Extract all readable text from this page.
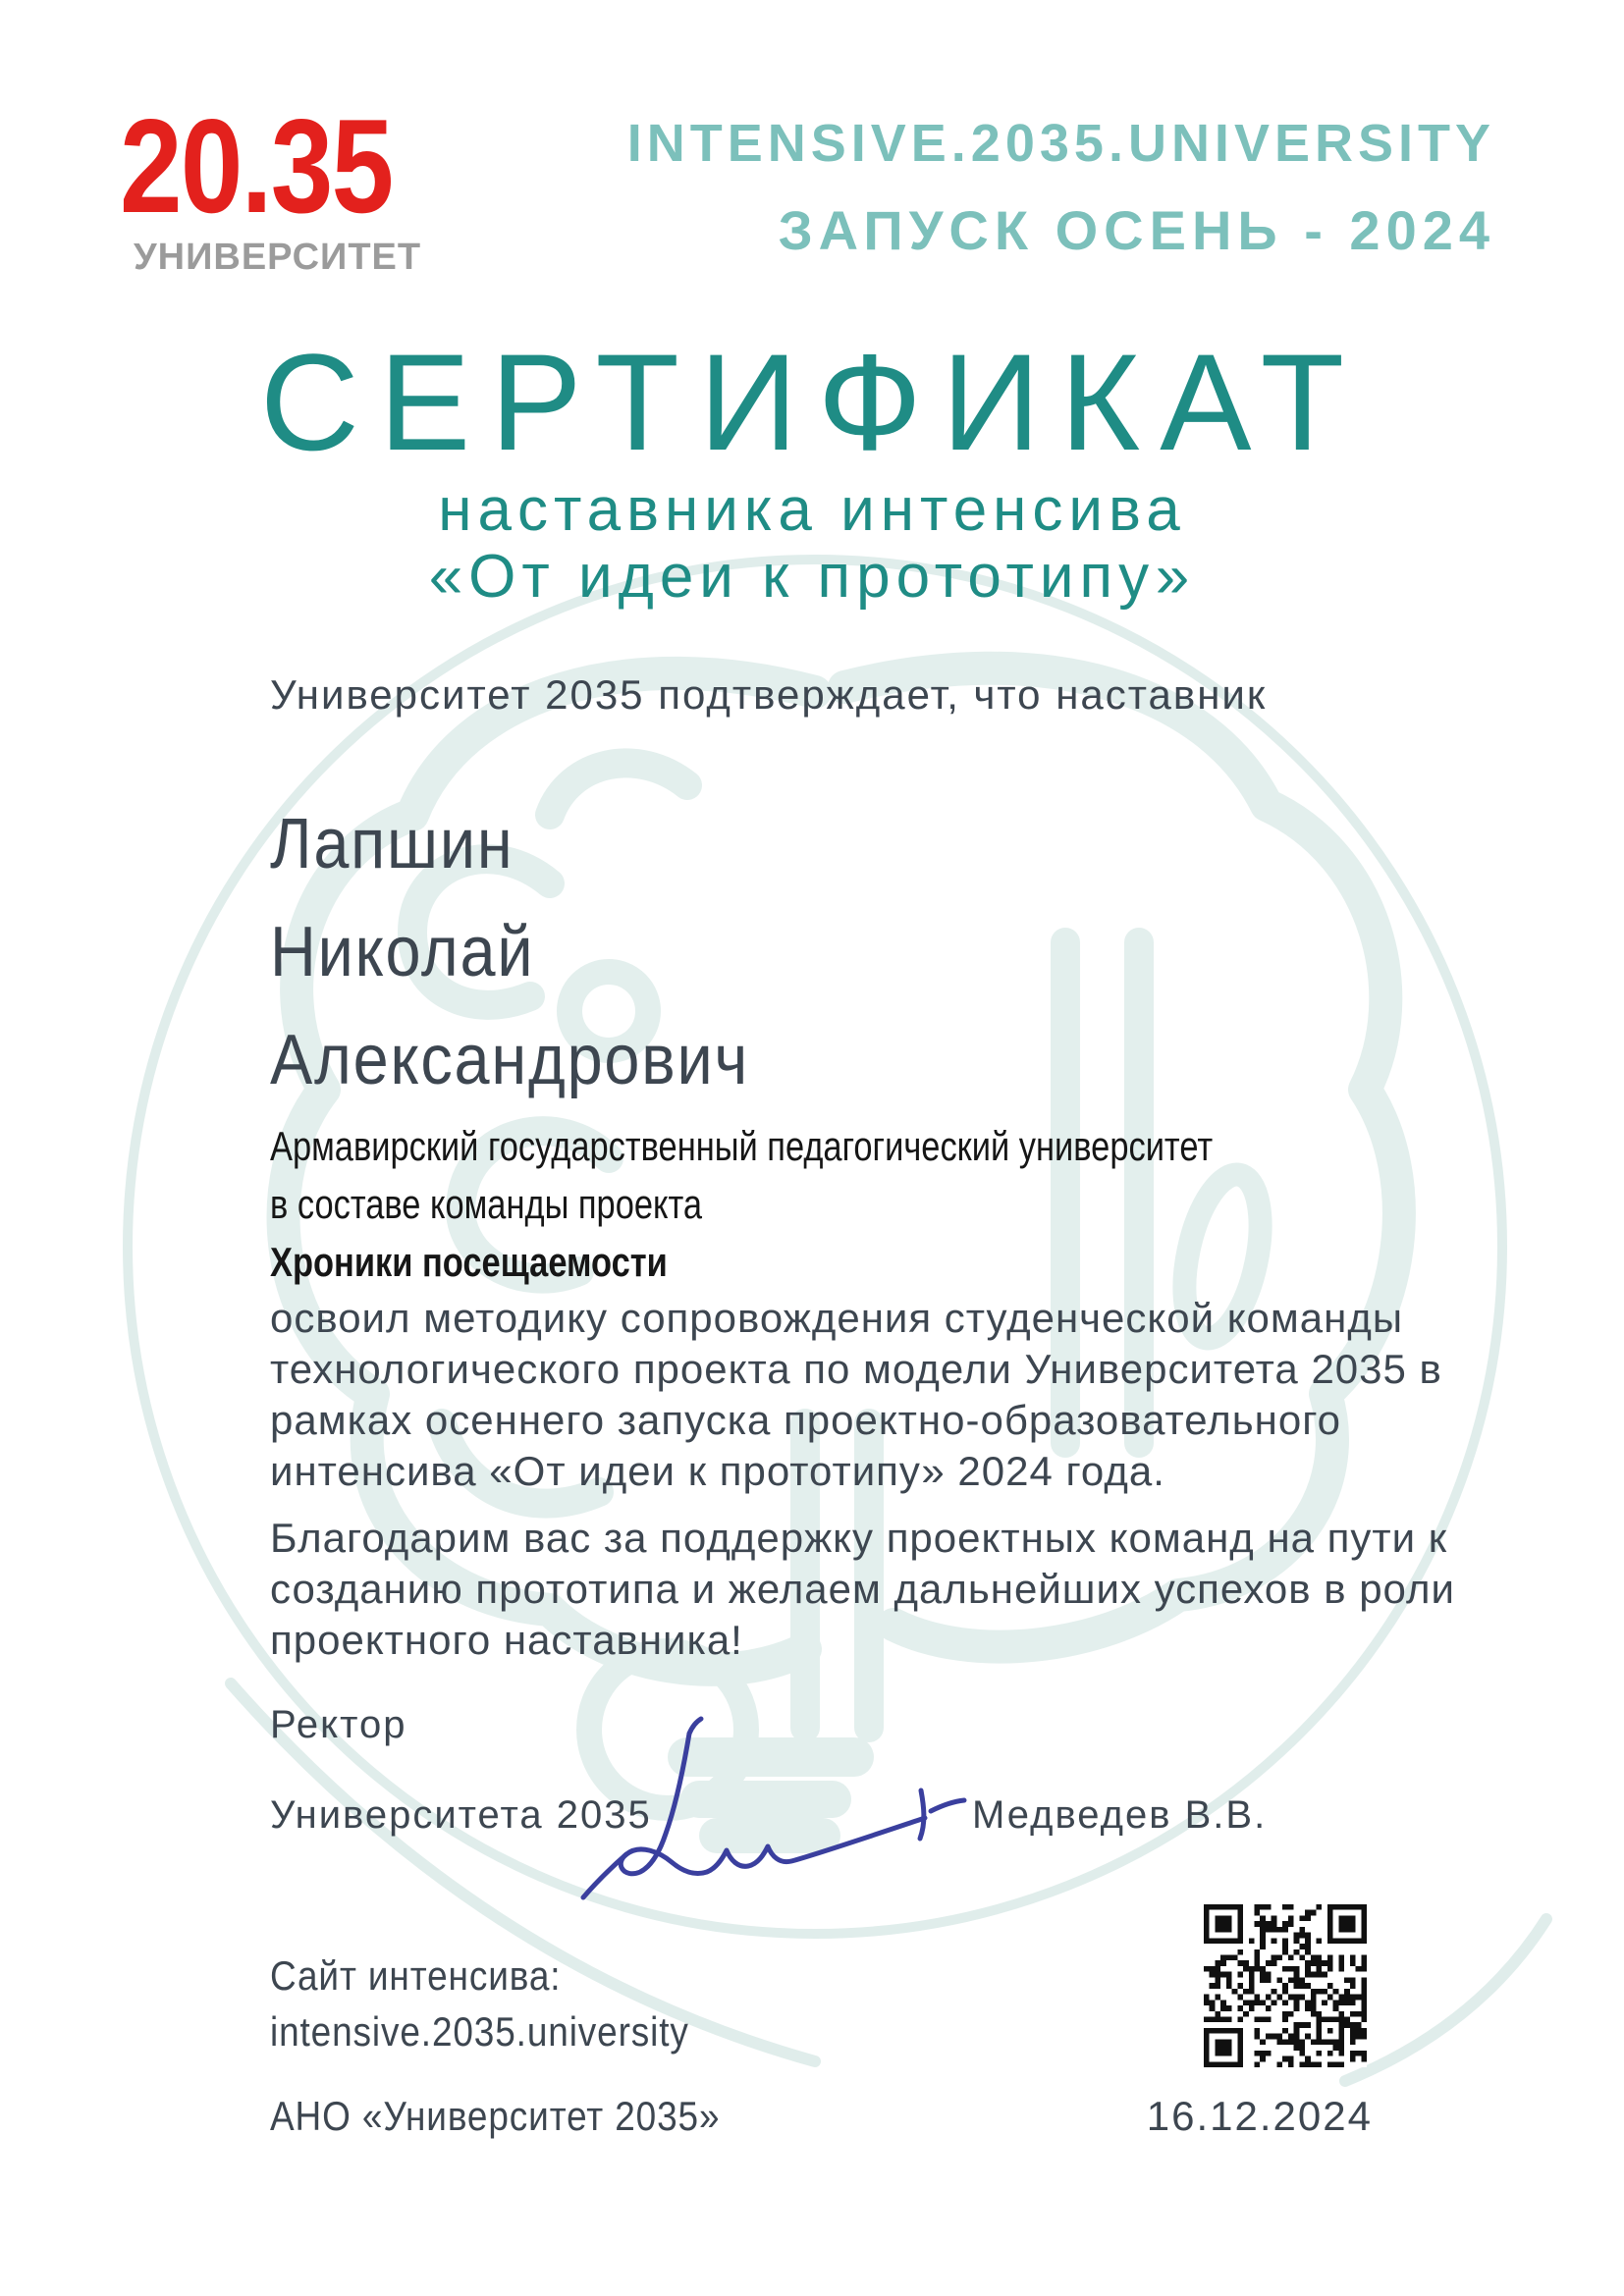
20.35
УНИВЕРСИТЕТ
INTENSIVE.2035.UNIVERSITY
ЗАПУСК ОСЕНЬ - 2024
СЕРТИФИКАТ
наставника интенсива
«От идеи к прототипу»
Университет 2035 подтверждает, что наставник
Лапшин
Николай
Александрович
Армавирский государственный педагогический университет
в составе команды проекта
Хроники посещаемости
освоил методику сопровождения студенческой команды
технологического проекта по модели Университета 2035 в
рамках осеннего запуска проектно-образовательного
интенсива «От идеи к прототипу» 2024 года.
Благодарим вас за поддержку проектных команд на пути к
созданию прототипа и желаем дальнейших успехов в роли
проектного наставника!
Ректор
Университета 2035	Медведев В.В.
Сайт интенсива:
intensive.2035.university
АНО «Университет 2035»	16.12.2024
